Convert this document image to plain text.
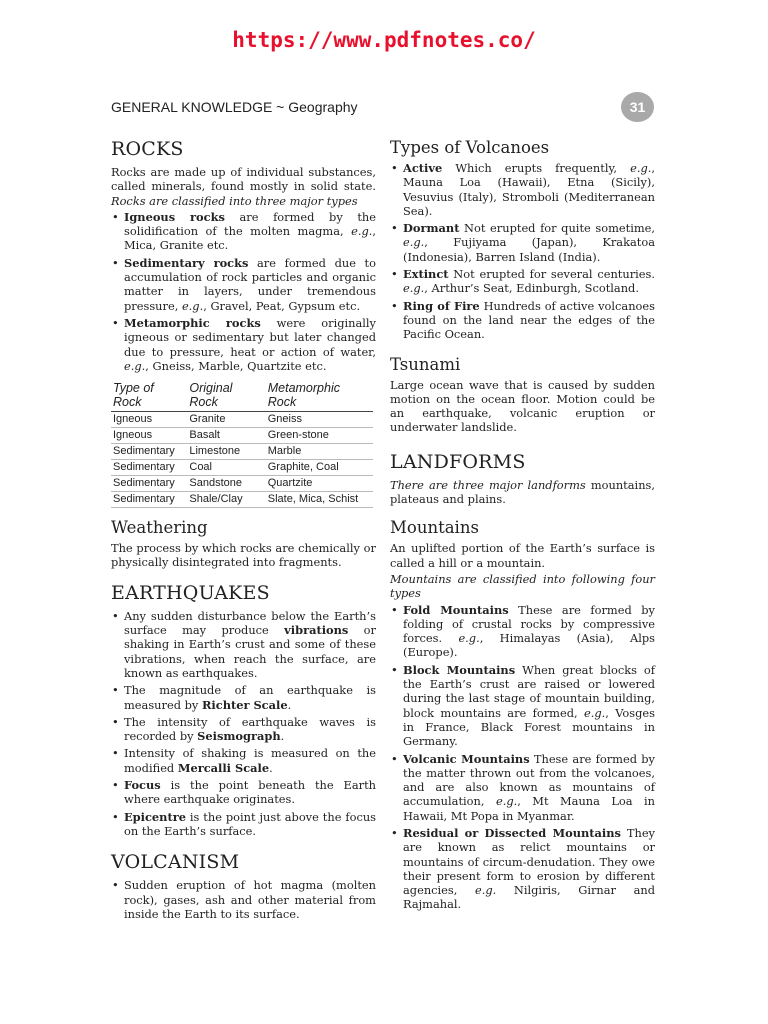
https://www.pdfnotes.co/
GENERAL KNOWLEDGE ~ Geography	31
ROCKS

Rocks are made up of individual substances, called minerals, found mostly in solid state. Rocks are classified into three major types

• Igneous rocks are formed by the solidification of the molten magma, e.g., Mica, Granite etc.
• Sedimentary rocks are formed due to accumulation of rock particles and organic matter in layers, under tremendous pressure, e.g., Gravel, Peat, Gypsum etc.
• Metamorphic rocks were originally igneous or sedimentary but later changed due to pressure, heat or action of water, e.g., Gneiss, Marble, Quartzite etc.
Type of Rock	Original Rock	Metamorphic Rock
Igneous	Granite	Gneiss
Igneous	Basalt	Green-stone
Sedimentary	Limestone	Marble
Sedimentary	Coal	Graphite, Coal
Sedimentary	Sandstone	Quartzite
Sedimentary	Shale/Clay	Slate, Mica, Schist
Weathering

The process by which rocks are chemically or physically disintegrated into fragments.

EARTHQUAKES
• Any sudden disturbance below the Earth’s surface may produce vibrations or shaking in Earth’s crust and some of these vibrations, when reach the surface, are known as earthquakes.
• The magnitude of an earthquake is measured by Richter Scale.
• The intensity of earthquake waves is recorded by Seismograph.
• Intensity of shaking is measured on the modified Mercalli Scale.
• Focus is the point beneath the Earth where earthquake originates.
• Epicentre is the point just above the focus on the Earth’s surface.
VOLCANISM
• Sudden eruption of hot magma (molten rock), gases, ash and other material from inside the Earth to its surface.
Types of Volcanoes
• Active Which erupts frequently, e.g., Mauna Loa (Hawaii), Etna (Sicily), Vesuvius (Italy), Stromboli (Mediterranean Sea).
• Dormant Not erupted for quite sometime, e.g., Fujiyama (Japan), Krakatoa (Indonesia), Barren Island (India).
• Extinct Not erupted for several centuries. e.g., Arthur’s Seat, Edinburgh, Scotland.
• Ring of Fire Hundreds of active volcanoes found on the land near the edges of the Pacific Ocean.
Tsunami

Large ocean wave that is caused by sudden motion on the ocean floor. Motion could be an earthquake, volcanic eruption or underwater landslide.

LANDFORMS

There are three major landforms mountains, plateaus and plains.

Mountains

An uplifted portion of the Earth’s surface is called a hill or a mountain.

Mountains are classified into following four types

• Fold Mountains These are formed by folding of crustal rocks by compressive forces. e.g., Himalayas (Asia), Alps (Europe).
• Block Mountains When great blocks of the Earth’s crust are raised or lowered during the last stage of mountain building, block mountains are formed, e.g., Vosges in France, Black Forest mountains in Germany.
• Volcanic Mountains These are formed by the matter thrown out from the volcanoes, and are also known as mountains of accumulation, e.g., Mt Mauna Loa in Hawaii, Mt Popa in Myanmar.
• Residual or Dissected Mountains They are known as relict mountains or mountains of circum-denudation. They owe their present form to erosion by different agencies, e.g. Nilgiris, Girnar and Rajmahal.
